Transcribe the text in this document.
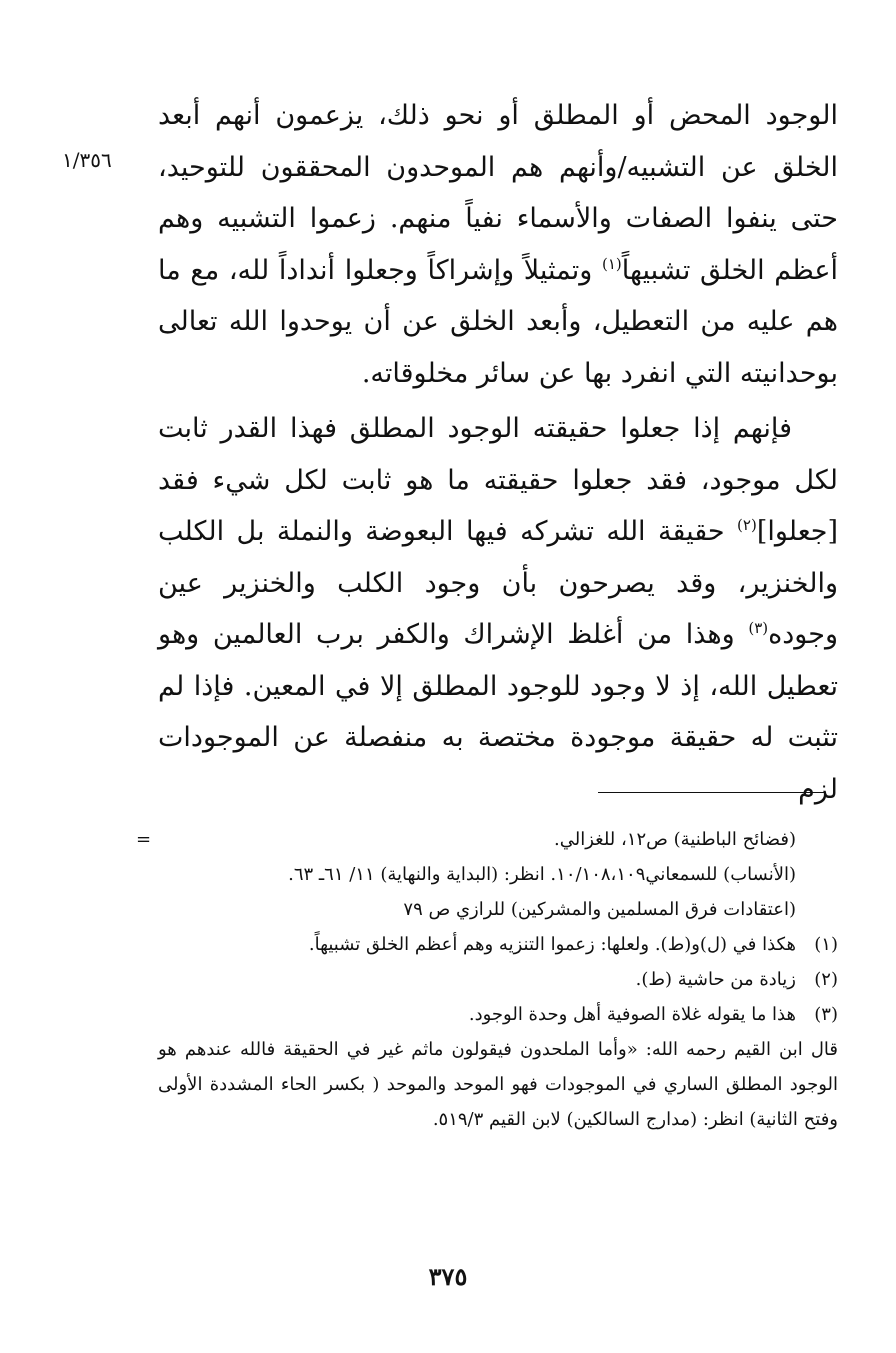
١/٣٥٦

الوجود المحض أو المطلق أو نحو ذلك، يزعمون أنهم أبعد الخلق عن التشبيه/وأنهم هم الموحدون المحققون للتوحيد، حتى ينفوا الصفات والأسماء نفياً منهم. زعموا التشبيه وهم أعظم الخلق تشبيهاً$^{(١)}$ وتمثيلاً وإشراكاً وجعلوا أنداداً لله، مع ما هم عليه من التعطيل، وأبعد الخلق عن أن يوحدوا الله تعالى بوحدانيته التي انفرد بها عن سائر مخلوقاته.

فإنهم إذا جعلوا حقيقته الوجود المطلق فهذا القدر ثابت لكل موجود، فقد جعلوا حقيقته ما هو ثابت لكل شيء فقد [جعلوا]$^{(٢)}$ حقيقة الله تشركه فيها البعوضة والنملة بل الكلب والخنزير، وقد يصرحون بأن وجود الكلب والخنزير عين وجوده$^{(٣)}$ وهذا من أغلظ الإشراك والكفر برب العالمين وهو تعطيل الله، إذ لا وجود للوجود المطلق إلا في المعين. فإذا لم تثبت له حقيقة موجودة مختصة به منفصلة عن الموجودات لزم

=	(فضائح الباطنية) ص١٢، للغزالي.
(الأنساب) للسمعاني١٠/١٠٨،١٠٩. انظر: (البداية والنهاية) ١١/ ٦١ـ ٦٣.
(اعتقادات فرق المسلمين والمشركين) للرازي ص ٧٩
(١)
هكذا في (ل)و(ط). ولعلها: زعموا التنزيه وهم أعظم الخلق تشبيهاً.
(٢)
زيادة من حاشية (ط).
(٣)
هذا ما يقوله غلاة الصوفية أهل وحدة الوجود.
قال ابن القيم رحمه الله: «وأما الملحدون فيقولون ماثم غير في الحقيقة فالله عندهم هو الوجود المطلق الساري في الموجودات فهو الموحد والموحد ( بكسر الحاء المشددة الأولى وفتح الثانية) انظر: (مدارج السالكين) لابن القيم ٥١٩/٣.
٣٧٥
